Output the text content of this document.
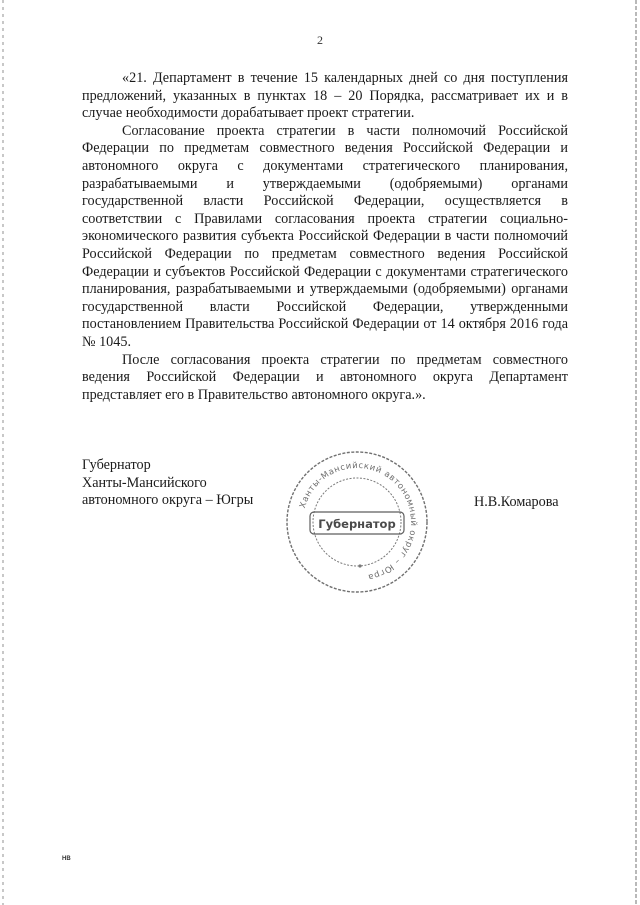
2

«21. Департамент в течение 15 календарных дней со дня поступления предложений, указанных в пунктах 18 – 20 Порядка, рассматривает их и в случае необходимости дорабатывает проект стратегии.

Согласование проекта стратегии в части полномочий Российской Федерации по предметам совместного ведения Российской Федерации и автономного округа с документами стратегического планирования, разрабатываемыми и утверждаемыми (одобряемыми) органами государственной власти Российской Федерации, осуществляется в соответствии с Правилами согласования проекта стратегии социально-экономического развития субъекта Российской Федерации в части полномочий Российской Федерации по предметам совместного ведения Российской Федерации и субъектов Российской Федерации с документами стратегического планирования, разрабатываемыми и утверждаемыми (одобряемыми) органами государственной власти Российской Федерации, утвержденными постановлением Правительства Российской Федерации от 14 октября 2016 года № 1045.

После согласования проекта стратегии по предметам совместного ведения Российской Федерации и автономного округа Департамент представляет его в Правительство автономного округа.».

Губернатор
Ханты-Мансийского
автономного округа – Югры	Ханты-Мансийский автономный округ – Югра
Губернатор
Н.В.Комарова
НВ
